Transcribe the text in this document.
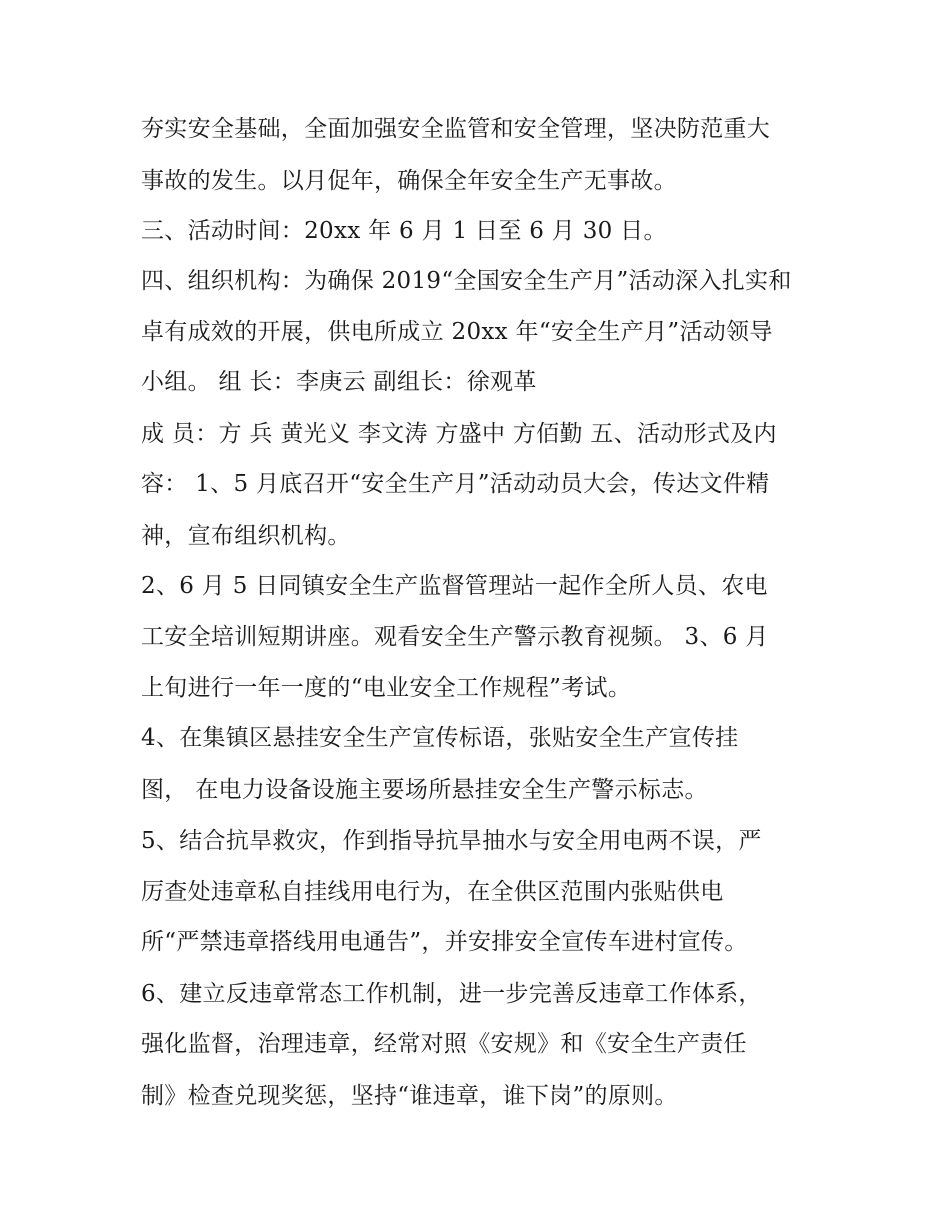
夯实安全基础，全面加强安全监管和安全管理，坚决防范重大
事故的发生。以月促年，确保全年安全生产无事故。
三、活动时间：20xx 年 6 月 1 日至 6 月 30 日。
四、组织机构：为确保 2019“全国安全生产月”活动深入扎实和
卓有成效的开展，供电所成立 20xx 年“安全生产月”活动领导
小组。 组 长：李庚云 副组长：徐观革
成 员：方 兵 黄光义 李文涛 方盛中 方佰勤 五、活动形式及内
容： 1、5 月底召开“安全生产月”活动动员大会，传达文件精
神，宣布组织机构。
2、6 月 5 日同镇安全生产监督管理站一起作全所人员、农电
工安全培训短期讲座。观看安全生产警示教育视频。 3、6 月
上旬进行一年一度的“电业安全工作规程”考试。
4、在集镇区悬挂安全生产宣传标语，张贴安全生产宣传挂
图， 在电力设备设施主要场所悬挂安全生产警示标志。
5、结合抗旱救灾，作到指导抗旱抽水与安全用电两不误，严
厉查处违章私自挂线用电行为，在全供区范围内张贴供电
所“严禁违章搭线用电通告”，并安排安全宣传车进村宣传。
6、建立反违章常态工作机制，进一步完善反违章工作体系，
强化监督，治理违章，经常对照《安规》和《安全生产责任
制》检查兑现奖惩，坚持“谁违章，谁下岗”的原则。
